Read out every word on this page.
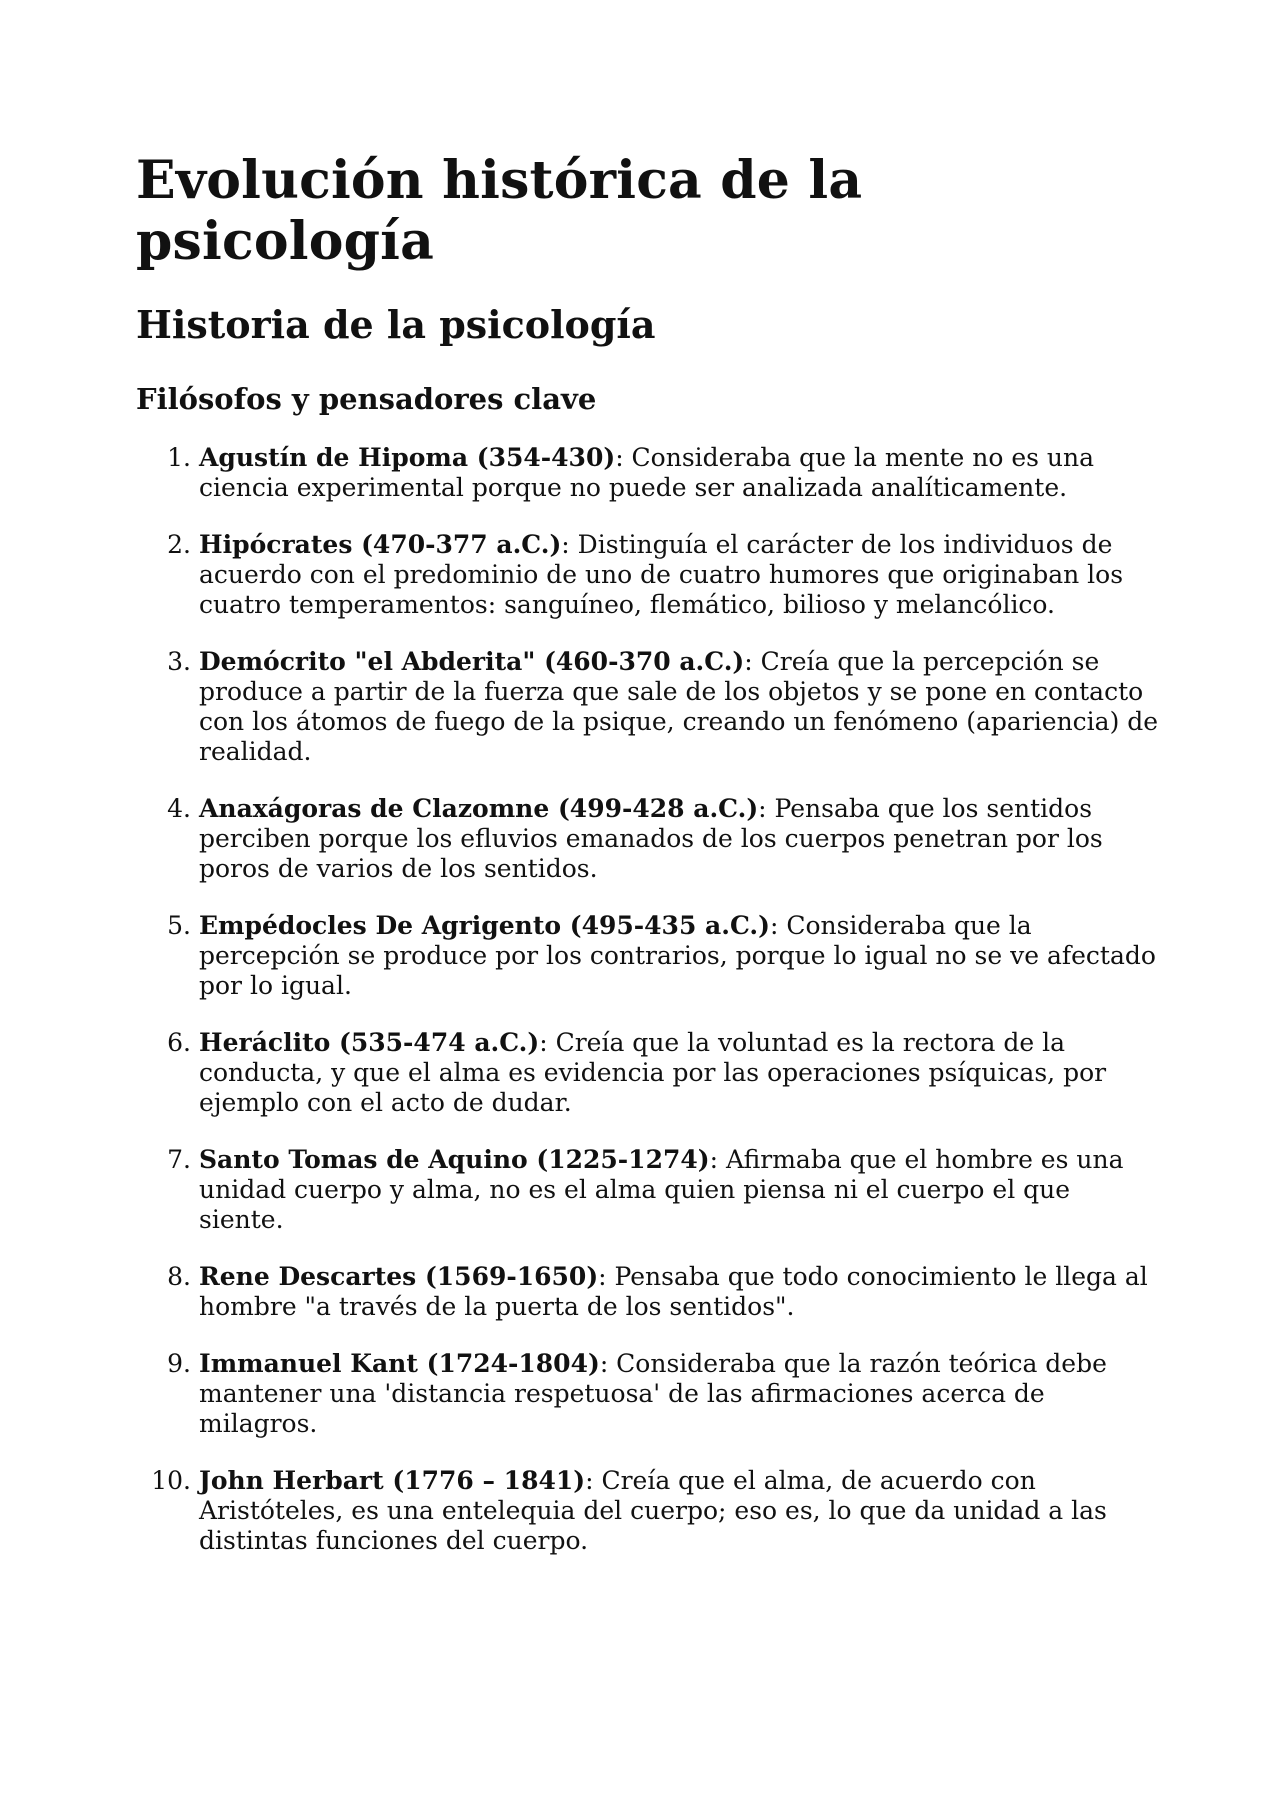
Evolución histórica de la psicología
Historia de la psicología
Filósofos y pensadores clave
1. Agustín de Hipoma (354-430): Consideraba que la mente no es una ciencia experimental porque no puede ser analizada analíticamente.
2. Hipócrates (470-377 a.C.): Distinguía el carácter de los individuos de acuerdo con el predominio de uno de cuatro humores que originaban los cuatro temperamentos: sanguíneo, flemático, bilioso y melancólico.
3. Demócrito "el Abderita" (460-370 a.C.): Creía que la percepción se produce a partir de la fuerza que sale de los objetos y se pone en contacto con los átomos de fuego de la psique, creando un fenómeno (apariencia) de realidad.
4. Anaxágoras de Clazomne (499-428 a.C.): Pensaba que los sentidos perciben porque los efluvios emanados de los cuerpos penetran por los poros de varios de los sentidos.
5. Empédocles De Agrigento (495-435 a.C.): Consideraba que la percepción se produce por los contrarios, porque lo igual no se ve afectado por lo igual.
6. Heráclito (535-474 a.C.): Creía que la voluntad es la rectora de la conducta, y que el alma es evidencia por las operaciones psíquicas, por ejemplo con el acto de dudar.
7. Santo Tomas de Aquino (1225-1274): Afirmaba que el hombre es una unidad cuerpo y alma, no es el alma quien piensa ni el cuerpo el que siente.
8. Rene Descartes (1569-1650): Pensaba que todo conocimiento le llega al hombre "a través de la puerta de los sentidos".
9. Immanuel Kant (1724-1804): Consideraba que la razón teórica debe mantener una 'distancia respetuosa' de las afirmaciones acerca de milagros.
10. John Herbart (1776 – 1841): Creía que el alma, de acuerdo con Aristóteles, es una entelequia del cuerpo; eso es, lo que da unidad a las distintas funciones del cuerpo.
